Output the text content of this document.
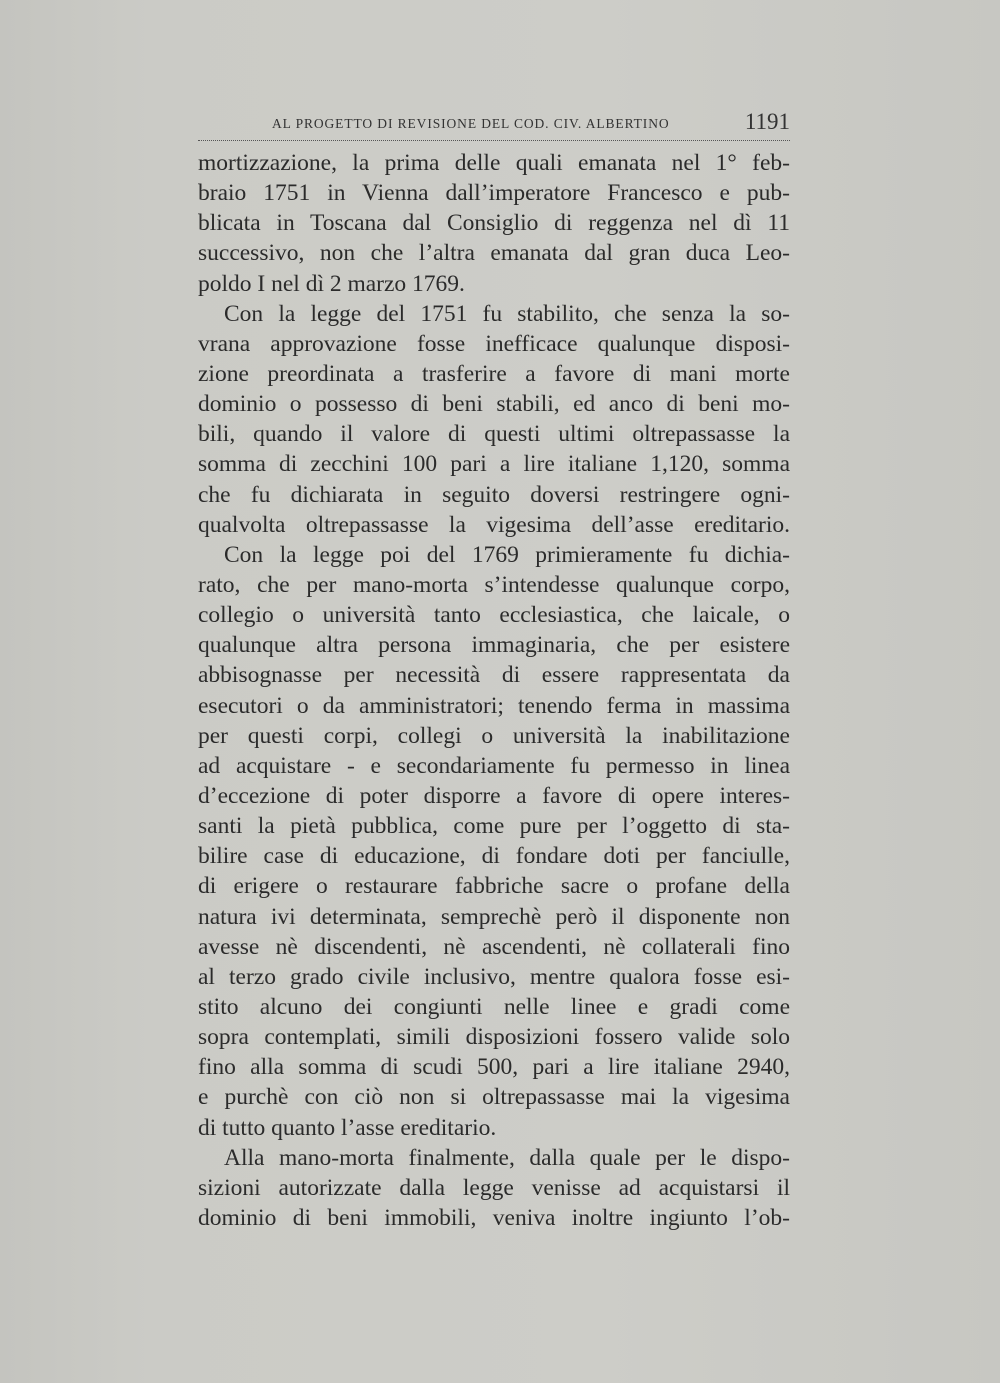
AL PROGETTO DI REVISIONE DEL COD. CIV. ALBERTINO	1191
mortizzazione, la prima delle quali emanata nel 1° feb-
braio 1751 in Vienna dall’imperatore Francesco e pub-
blicata in Toscana dal Consiglio di reggenza nel dì 11
successivo, non che l’altra emanata dal gran duca Leo-
poldo I nel dì 2 marzo 1769.
Con la legge del 1751 fu stabilito, che senza la so-
vrana approvazione fosse inefficace qualunque disposi-
zione preordinata a trasferire a favore di mani morte
dominio o possesso di beni stabili, ed anco di beni mo-
bili, quando il valore di questi ultimi oltrepassasse la
somma di zecchini 100 pari a lire italiane 1,120, somma
che fu dichiarata in seguito doversi restringere ogni-
qualvolta oltrepassasse la vigesima dell’asse ereditario.
Con la legge poi del 1769 primieramente fu dichia-
rato, che per mano-morta s’intendesse qualunque corpo,
collegio o università tanto ecclesiastica, che laicale, o
qualunque altra persona immaginaria, che per esistere
abbisognasse per necessità di essere rappresentata da
esecutori o da amministratori; tenendo ferma in massima
per questi corpi, collegi o università la inabilitazione
ad acquistare - e secondariamente fu permesso in linea
d’eccezione di poter disporre a favore di opere interes-
santi la pietà pubblica, come pure per l’oggetto di sta-
bilire case di educazione, di fondare doti per fanciulle,
di erigere o restaurare fabbriche sacre o profane della
natura ivi determinata, semprechè però il disponente non
avesse nè discendenti, nè ascendenti, nè collaterali fino
al terzo grado civile inclusivo, mentre qualora fosse esi-
stito alcuno dei congiunti nelle linee e gradi come
sopra contemplati, simili disposizioni fossero valide solo
fino alla somma di scudi 500, pari a lire italiane 2940,
e purchè con ciò non si oltrepassasse mai la vigesima
di tutto quanto l’asse ereditario.
Alla mano-morta finalmente, dalla quale per le dispo-
sizioni autorizzate dalla legge venisse ad acquistarsi il
dominio di beni immobili, veniva inoltre ingiunto l’ob-
